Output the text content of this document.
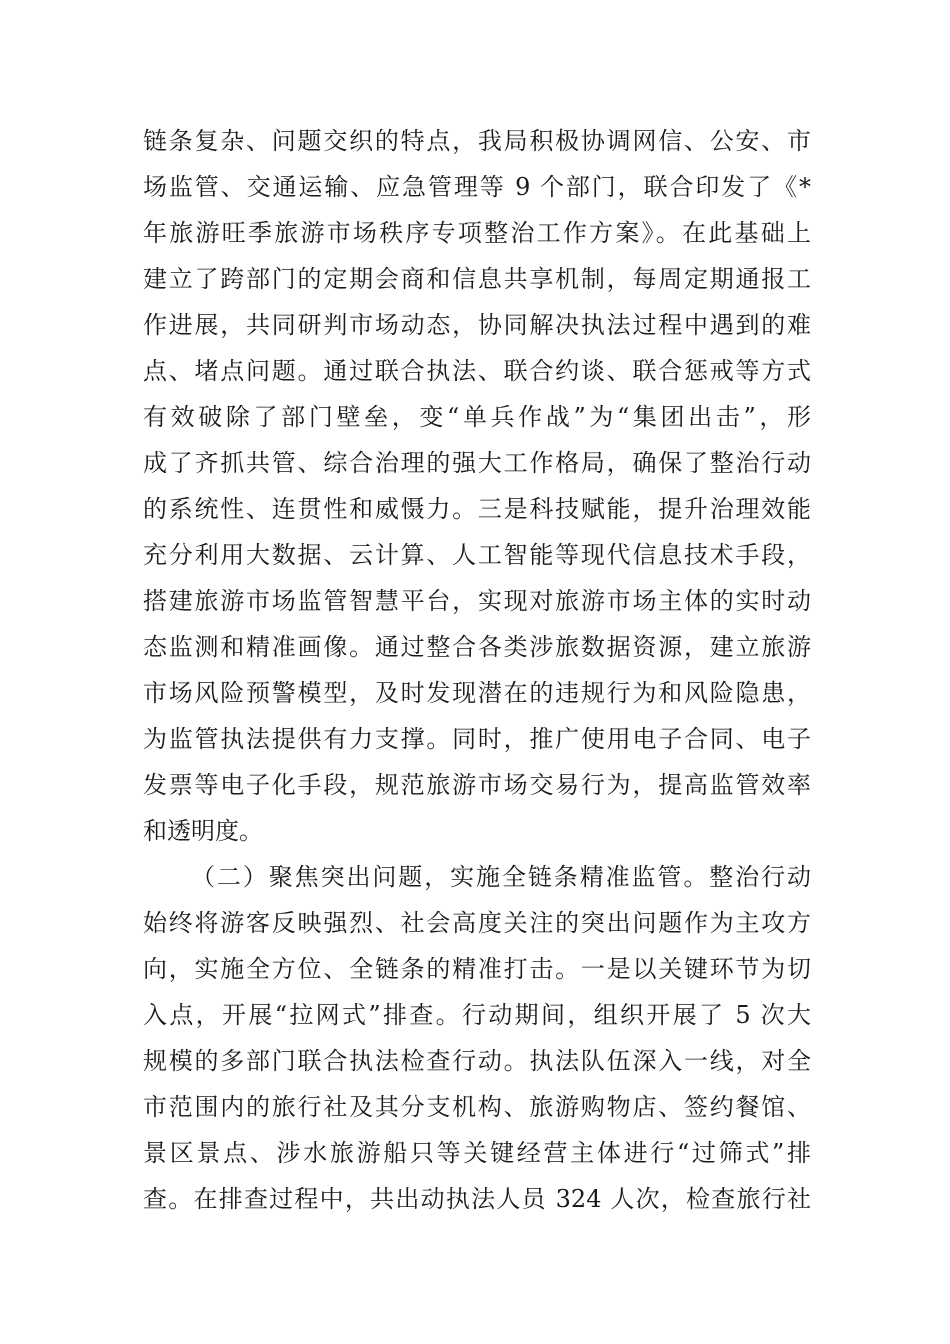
链条复杂、问题交织的特点，我局积极协调网信、公安、市
场监管、交通运输、应急管理等 9 个部门，联合印发了《*
年旅游旺季旅游市场秩序专项整治工作方案》。在此基础上
建立了跨部门的定期会商和信息共享机制，每周定期通报工
作进展，共同研判市场动态，协同解决执法过程中遇到的难
点、堵点问题。通过联合执法、联合约谈、联合惩戒等方式
有效破除了部门壁垒，变“单兵作战”为“集团出击”，形
成了齐抓共管、综合治理的强大工作格局，确保了整治行动
的系统性、连贯性和威慑力。三是科技赋能，提升治理效能
充分利用大数据、云计算、人工智能等现代信息技术手段，
搭建旅游市场监管智慧平台，实现对旅游市场主体的实时动
态监测和精准画像。通过整合各类涉旅数据资源，建立旅游
市场风险预警模型，及时发现潜在的违规行为和风险隐患，
为监管执法提供有力支撑。同时，推广使用电子合同、电子
发票等电子化手段，规范旅游市场交易行为，提高监管效率
和透明度。
（二）聚焦突出问题，实施全链条精准监管。整治行动
始终将游客反映强烈、社会高度关注的突出问题作为主攻方
向，实施全方位、全链条的精准打击。一是以关键环节为切
入点，开展“拉网式”排查。行动期间，组织开展了 5 次大
规模的多部门联合执法检查行动。执法队伍深入一线，对全
市范围内的旅行社及其分支机构、旅游购物店、签约餐馆、
景区景点、涉水旅游船只等关键经营主体进行“过筛式”排
查。在排查过程中，共出动执法人员 324 人次，检查旅行社
